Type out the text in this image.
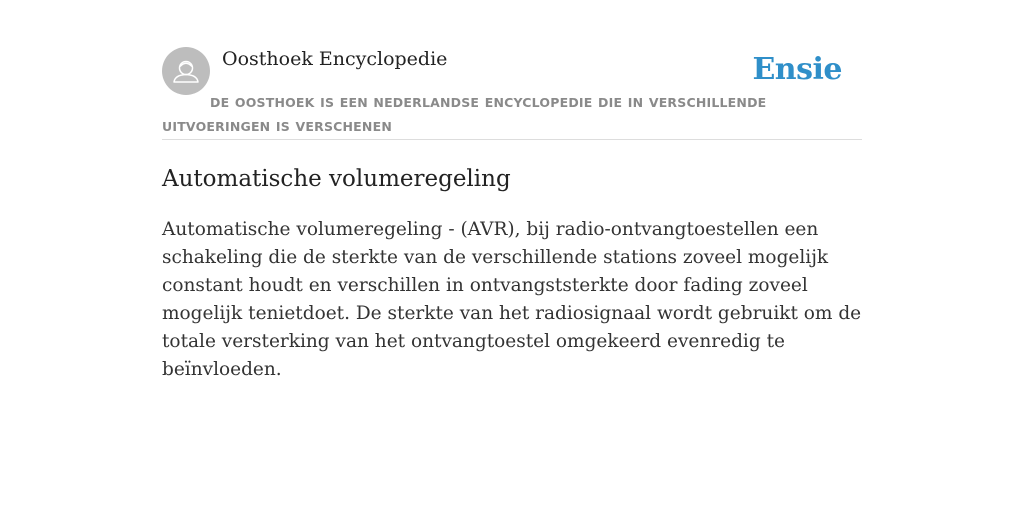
Oosthoek Encyclopedie	Ensie
DE OOSTHOEK IS EEN NEDERLANDSE ENCYCLOPEDIE DIE IN VERSCHILLENDE UITVOERINGEN IS VERSCHENEN
Automatische volumeregeling

Automatische volumeregeling - (AVR), bij radio-ontvangtoestellen een schakeling die de sterkte van de verschillende stations zoveel mogelijk constant houdt en verschillen in ontvangststerkte door fading zoveel mogelijk tenietdoet. De sterkte van het radiosignaal wordt gebruikt om de totale versterking van het ontvangtoestel omgekeerd evenredig te beïnvloeden.
